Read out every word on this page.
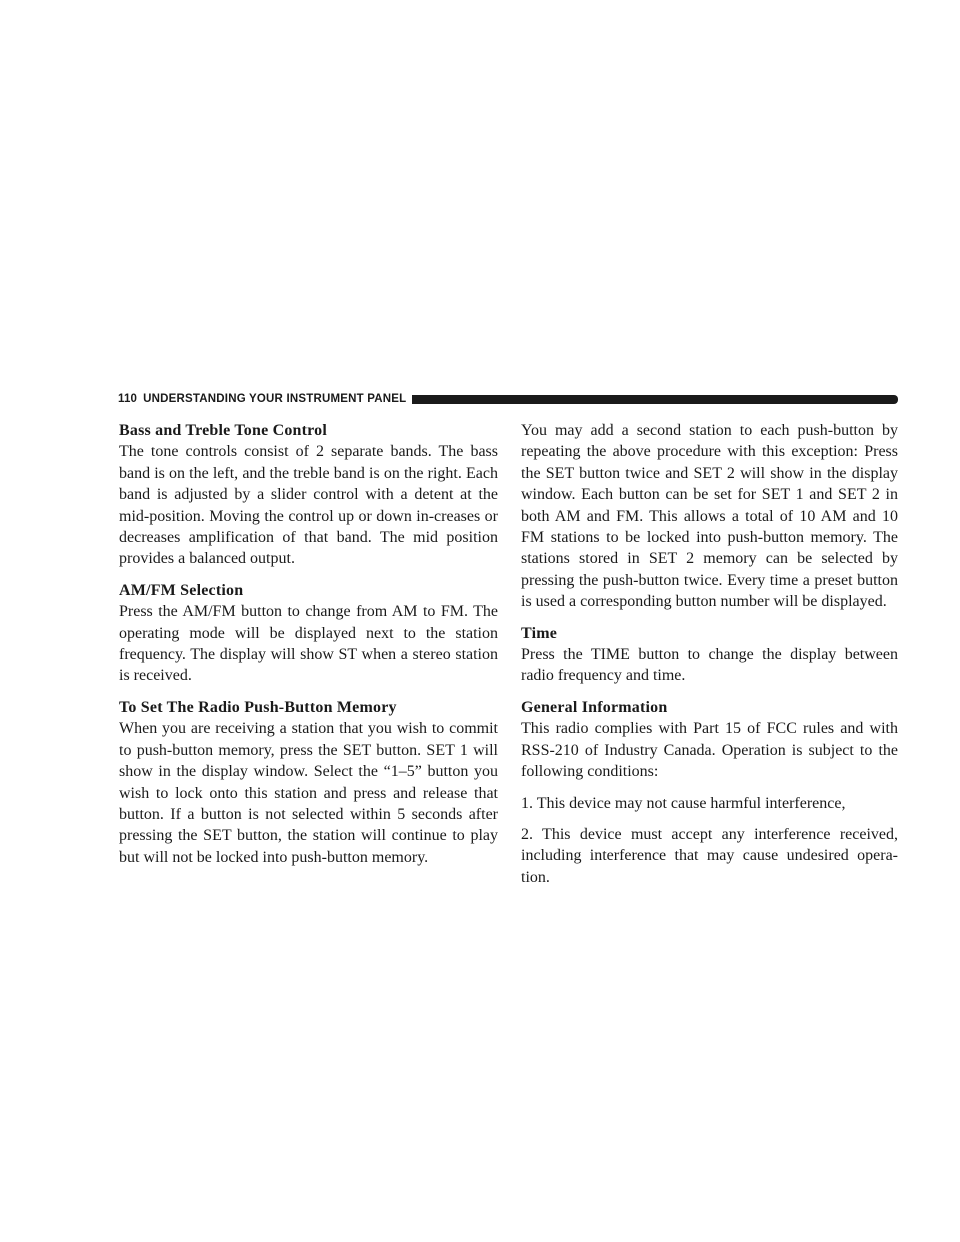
110 UNDERSTANDING YOUR INSTRUMENT PANEL
Bass and Treble Tone Control

The tone controls consist of 2 separate bands. The bass band is on the left, and the treble band is on the right. Each band is adjusted by a slider control with a detent at the mid-position. Moving the control up or down in-creases or decreases amplification of that band. The mid position provides a balanced output.

AM/FM Selection

Press the AM/FM button to change from AM to FM. The operating mode will be displayed next to the station frequency. The display will show ST when a stereo station is received.

To Set The Radio Push-Button Memory

When you are receiving a station that you wish to commit to push-button memory, press the SET button. SET 1 will show in the display window. Select the “1–5” button you wish to lock onto this station and press and release that button. If a button is not selected within 5 seconds after pressing the SET button, the station will continue to play but will not be locked into push-button memory.

You may add a second station to each push-button by repeating the above procedure with this exception: Press the SET button twice and SET 2 will show in the display window. Each button can be set for SET 1 and SET 2 in both AM and FM. This allows a total of 10 AM and 10 FM stations to be locked into push-button memory. The stations stored in SET 2 memory can be selected by pressing the push-button twice. Every time a preset button is used a corresponding button number will be displayed.

Time

Press the TIME button to change the display between radio frequency and time.

General Information

This radio complies with Part 15 of FCC rules and with RSS-210 of Industry Canada. Operation is subject to the following conditions:

1. This device may not cause harmful interference,

2. This device must accept any interference received, including interference that may cause undesired opera-tion.
